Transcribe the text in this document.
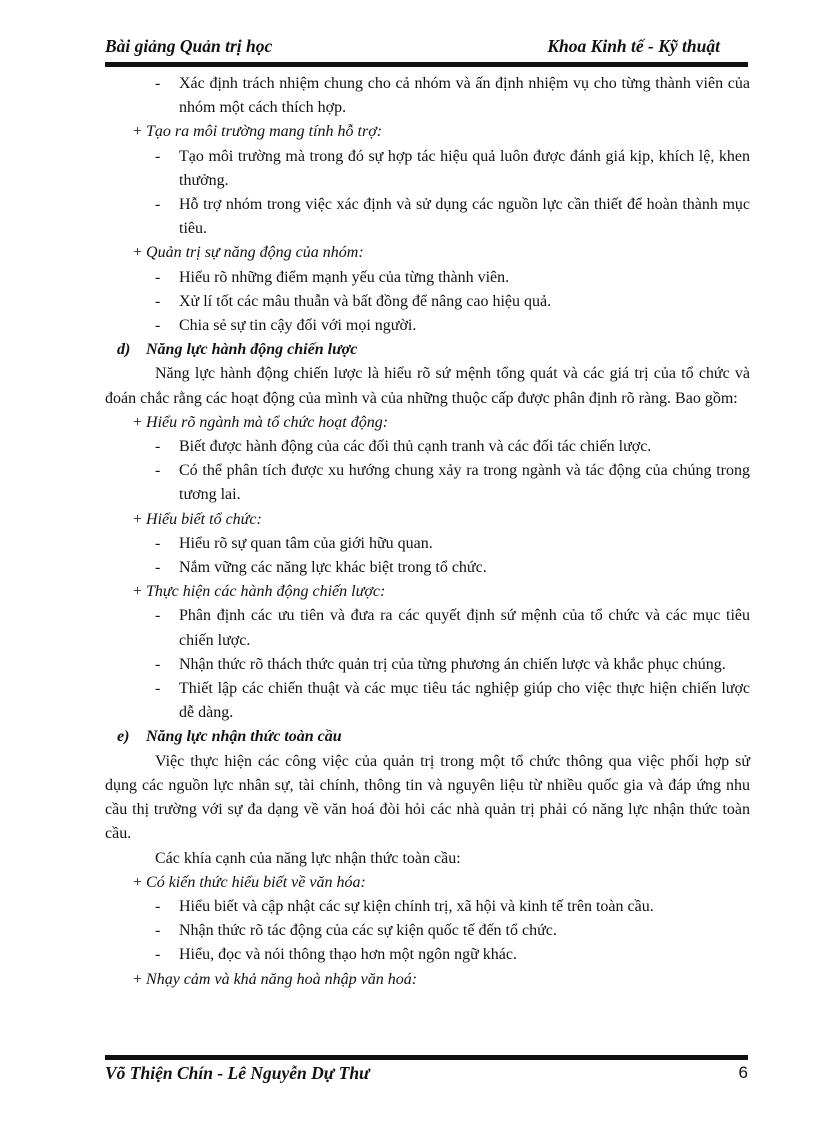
Bài giảng Quản trị học	Khoa Kinh tế - Kỹ thuật

- Xác định trách nhiệm chung cho cả nhóm và ấn định nhiệm vụ cho từng thành viên của nhóm một cách thích hợp.

+ Tạo ra môi trường mang tính hỗ trợ:

- Tạo môi trường mà trong đó sự hợp tác hiệu quả luôn được đánh giá kịp, khích lệ, khen thưởng.

- Hỗ trợ nhóm trong việc xác định và sử dụng các nguồn lực cần thiết để hoàn thành mục tiêu.

+ Quản trị sự năng động của nhóm:

- Hiểu rõ những điểm mạnh yếu của từng thành viên.

- Xử lí tốt các mâu thuẫn và bất đồng để nâng cao hiệu quả.

- Chia sẻ sự tin cậy đối với mọi người.

d) Năng lực hành động chiến lược

Năng lực hành động chiến lược là hiểu rõ sứ mệnh tổng quát và các giá trị của tổ chức và đoán chắc rằng các hoạt động của mình và của những thuộc cấp được phân định rõ ràng. Bao gồm:

+ Hiểu rõ ngành mà tổ chức hoạt động:

- Biết được hành động của các đối thủ cạnh tranh và các đối tác chiến lược.

- Có thể phân tích được xu hướng chung xảy ra trong ngành và tác động của chúng trong tương lai.

+ Hiểu biết tổ chức:

- Hiểu rõ sự quan tâm của giới hữu quan.

- Nắm vững các năng lực khác biệt trong tổ chức.

+ Thực hiện các hành động chiến lược:

- Phân định các ưu tiên và đưa ra các quyết định sứ mệnh của tổ chức và các mục tiêu chiến lược.

- Nhận thức rõ thách thức quản trị của từng phương án chiến lược và khắc phục chúng.

- Thiết lập các chiến thuật và các mục tiêu tác nghiệp giúp cho việc thực hiện chiến lược dễ dàng.

e) Năng lực nhận thức toàn cầu

Việc thực hiện các công việc của quản trị trong một tổ chức thông qua việc phối hợp sử dụng các nguồn lực nhân sự, tài chính, thông tin và nguyên liệu từ nhiều quốc gia và đáp ứng nhu cầu thị trường với sự đa dạng về văn hoá đòi hỏi các nhà quản trị phải có năng lực nhận thức toàn cầu.

Các khía cạnh của năng lực nhận thức toàn cầu:

+ Có kiến thức hiểu biết về văn hóa:

- Hiểu biết và cập nhật các sự kiện chính trị, xã hội và kinh tế trên toàn cầu.

- Nhận thức rõ tác động của các sự kiện quốc tế đến tổ chức.

- Hiểu, đọc và nói thông thạo hơn một ngôn ngữ khác.

+ Nhạy cảm và khả năng hoà nhập văn hoá:

Võ Thiện Chín - Lê Nguyễn Dự Thư	6
